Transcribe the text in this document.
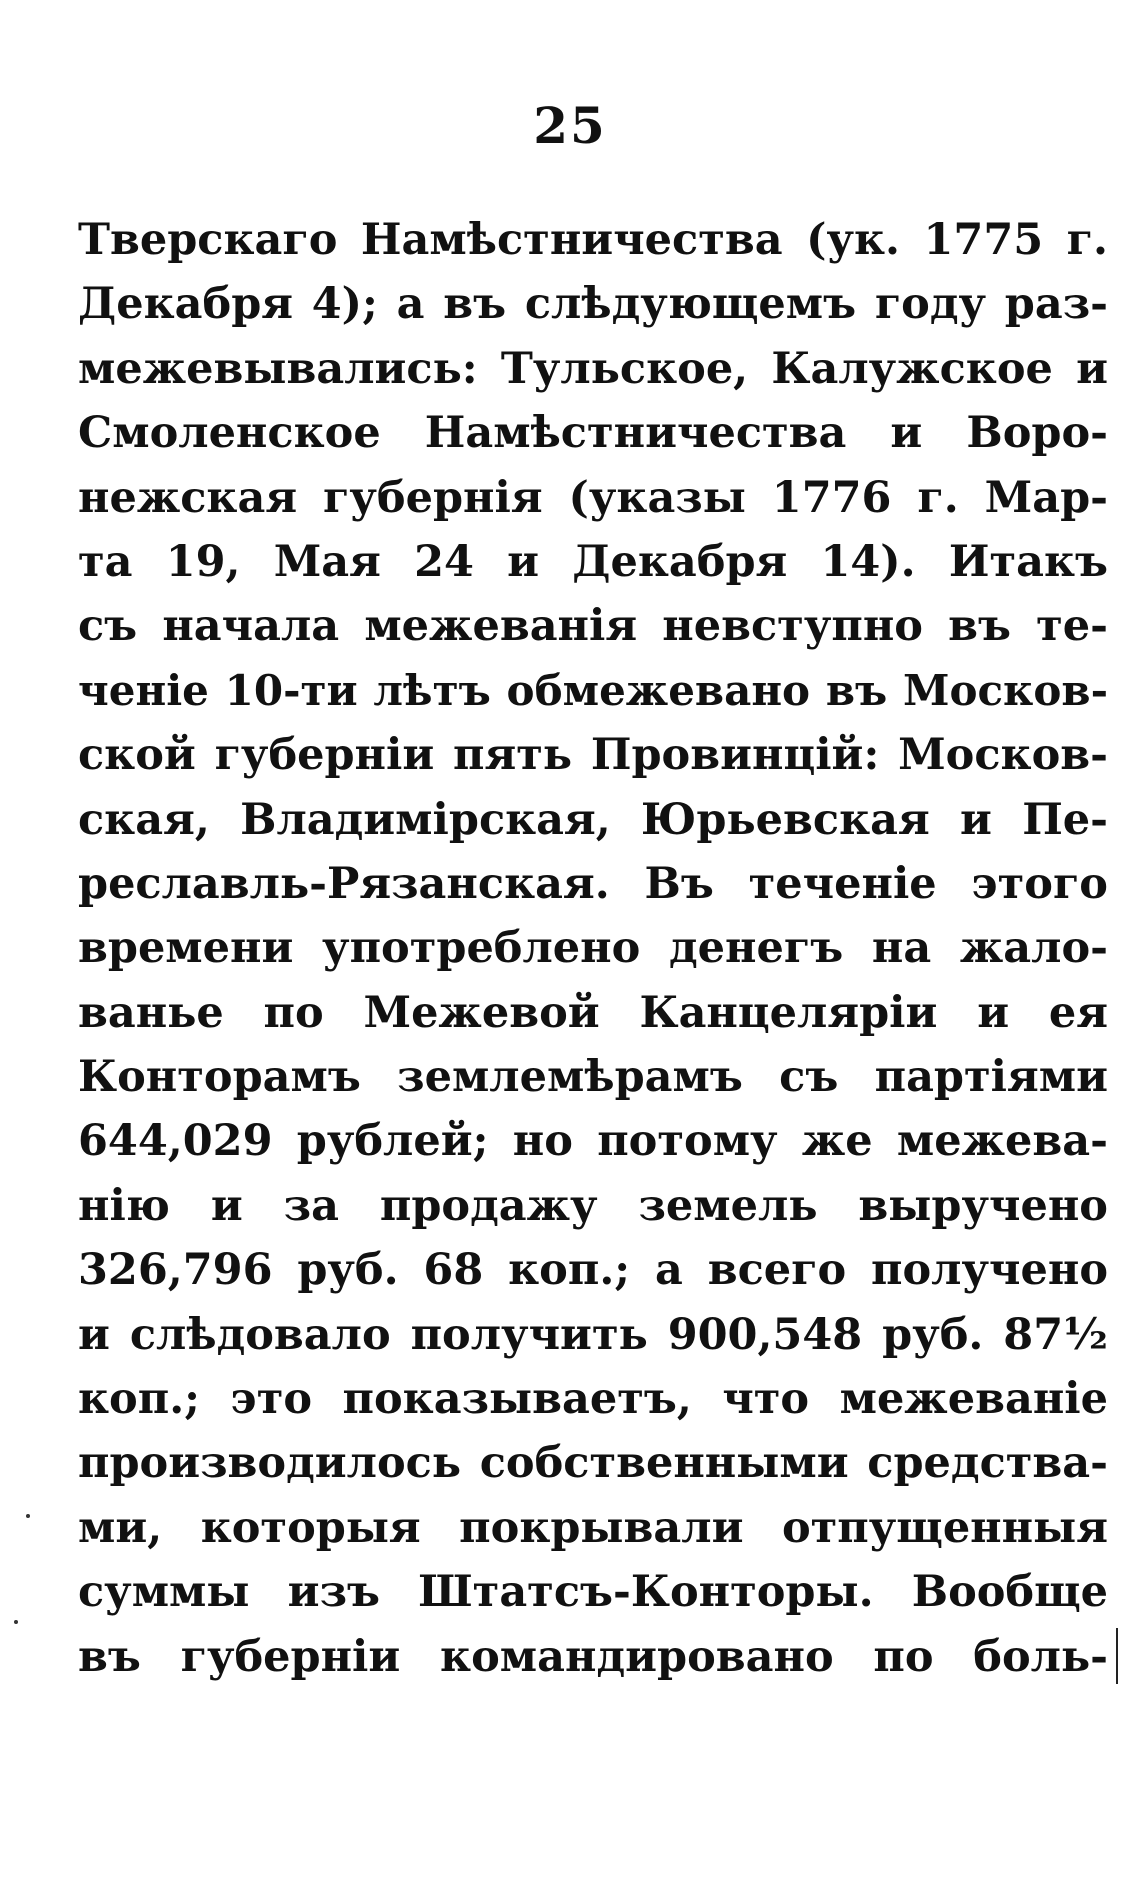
25
Тверскаго Намѣстничества (ук. 1775 г.
Декабря 4); а въ слѣдующемъ году раз-
межевывались: Тульское, Калужское и
Смоленское Намѣстничества и Воро-
нежская губернія (указы 1776 г. Мар-
та 19, Мая 24 и Декабря 14). Итакъ
съ начала межеванія невступно въ те-
ченіе 10-ти лѣтъ обмежевано въ Москов-
ской губерніи пять Провинцій: Москов-
ская, Владимірская, Юрьевская и Пе-
реславль-Рязанская. Въ теченіе этого
времени употреблено денегъ на жало-
ванье по Межевой Канцеляріи и ея
Конторамъ землемѣрамъ съ партіями
644,029 рублей; но потому же межева-
нію и за продажу земель выручено
326,796 руб. 68 коп.; а всего получено
и слѣдовало получить 900,548 руб. 87½
коп.; это показываетъ, что межеваніе
производилось собственными средства-
ми, которыя покрывали отпущенныя
суммы изъ Штатсъ-Конторы. Вообще
въ губерніи командировано по боль-
